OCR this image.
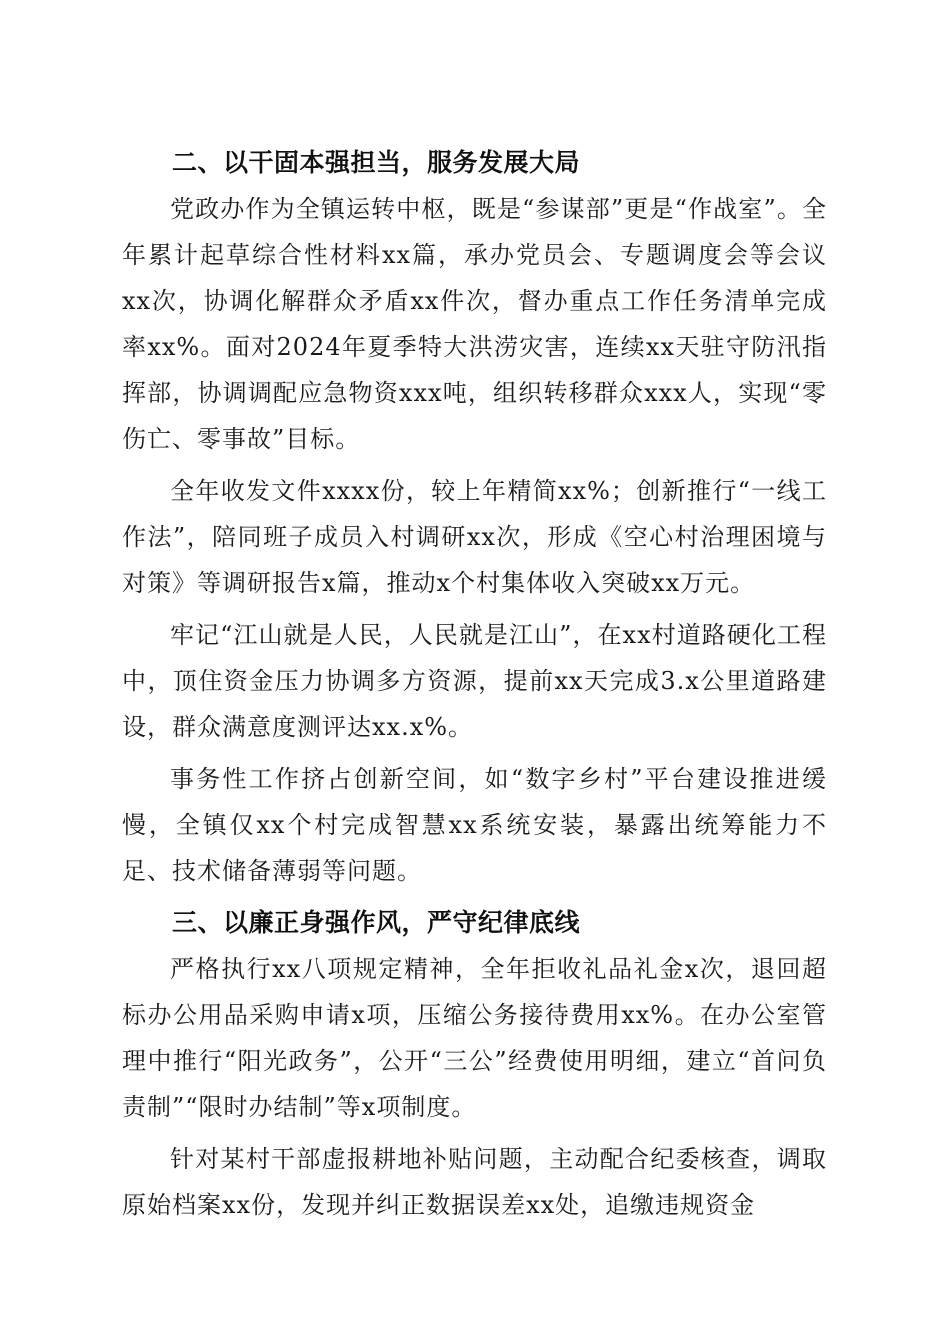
二、以干固本强担当，服务发展大局

党政办作为全镇运转中枢，既是“参谋部”更是“作战室”。全年累计起草综合性材料xx篇，承办党员会、专题调度会等会议xx次，协调化解群众矛盾xx件次，督办重点工作任务清单完成率xx%。面对2024年夏季特大洪涝灾害，连续xx天驻守防汛指挥部，协调调配应急物资xxx吨，组织转移群众xxx人，实现“零伤亡、零事故”目标。

全年收发文件xxxx份，较上年精简xx%；创新推行“一线工作法”，陪同班子成员入村调研xx次，形成《空心村治理困境与对策》等调研报告x篇，推动x个村集体收入突破xx万元。

牢记“江山就是人民，人民就是江山”，在xx村道路硬化工程中，顶住资金压力协调多方资源，提前xx天完成3.x公里道路建设，群众满意度测评达xx.x%。

事务性工作挤占创新空间，如“数字乡村”平台建设推进缓慢，全镇仅xx个村完成智慧xx系统安装，暴露出统筹能力不足、技术储备薄弱等问题。

三、以廉正身强作风，严守纪律底线

严格执行xx八项规定精神，全年拒收礼品礼金x次，退回超标办公用品采购申请x项，压缩公务接待费用xx%。在办公室管理中推行“阳光政务”，公开“三公”经费使用明细，建立“首问负责制”“限时办结制”等x项制度。

针对某村干部虚报耕地补贴问题，主动配合纪委核查，调取原始档案xx份，发现并纠正数据误差xx处，追缴违规资金
